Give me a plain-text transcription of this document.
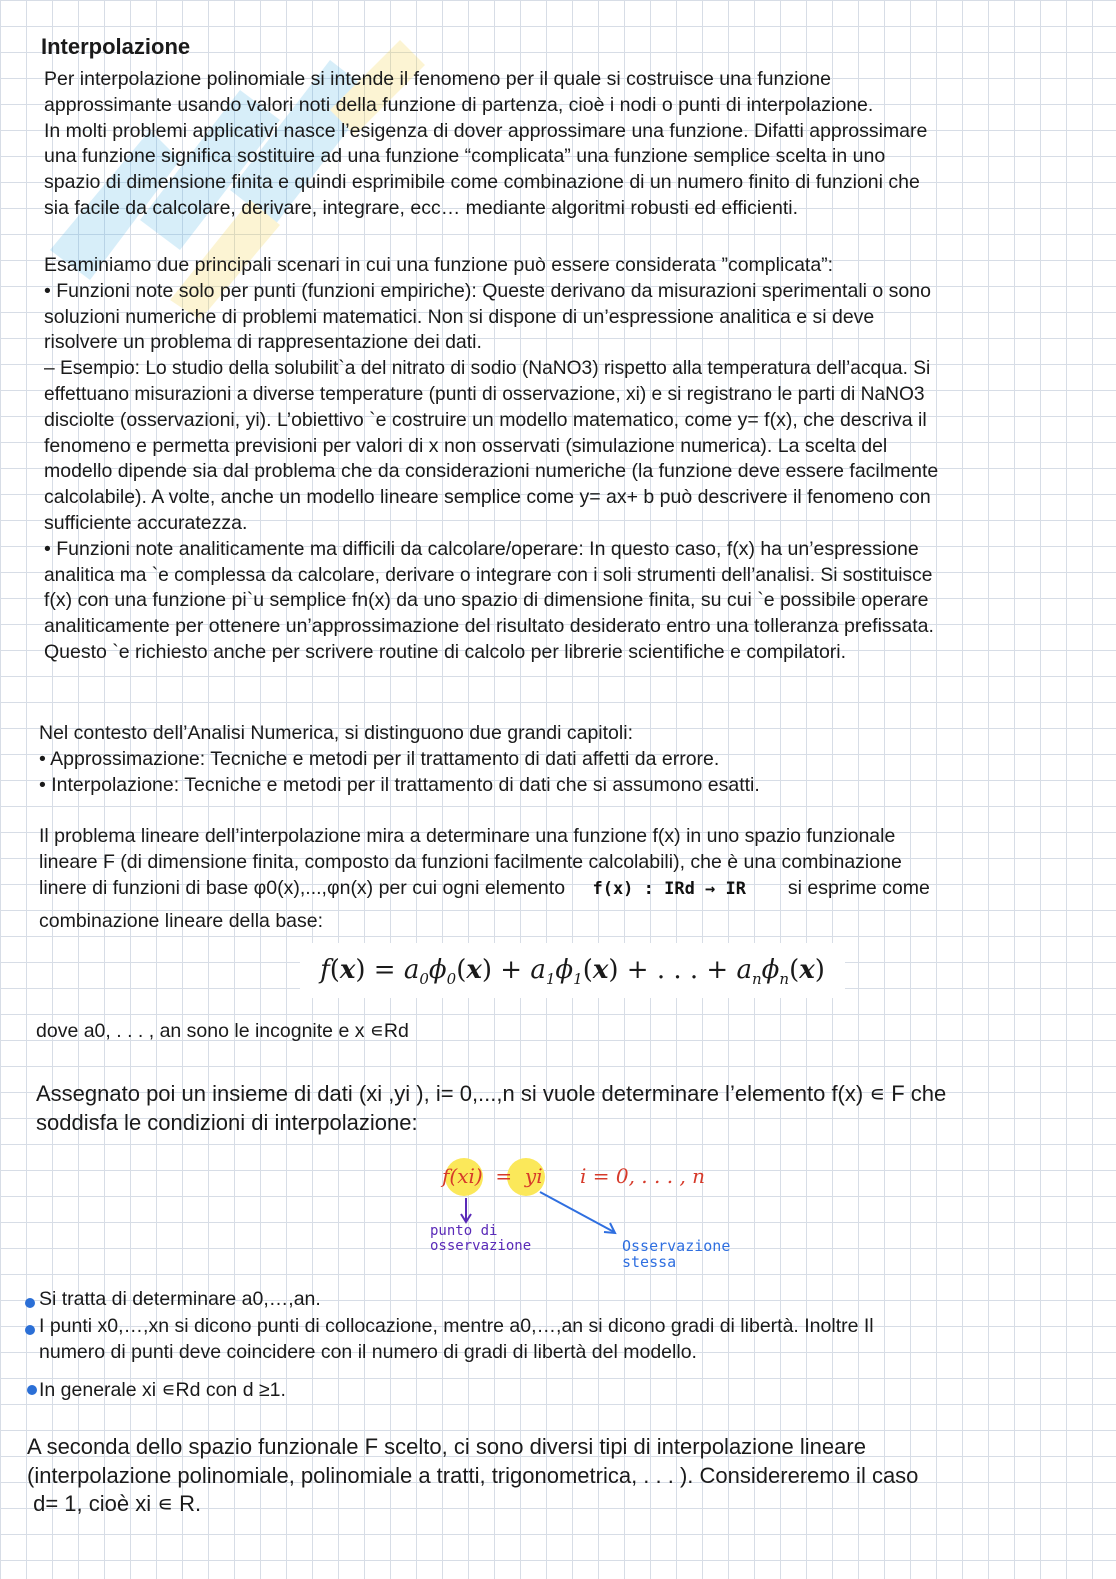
Interpolazione
Per interpolazione polinomiale si intende il fenomeno per il quale si costruisce una funzione
approssimante usando valori noti della funzione di partenza, cioè i nodi o punti di interpolazione.
In molti problemi applicativi nasce l’esigenza di dover approssimare una funzione. Difatti approssimare
una funzione significa sostituire ad una funzione “complicata” una funzione semplice scelta in uno
spazio di dimensione finita e quindi esprimibile come combinazione di un numero finito di funzioni che
sia facile da calcolare, derivare, integrare, ecc… mediante algoritmi robusti ed efficienti.
Esaminiamo due principali scenari in cui una funzione può essere considerata ”complicata”:
• Funzioni note solo per punti (funzioni empiriche): Queste derivano da misurazioni sperimentali o sono
soluzioni numeriche di problemi matematici. Non si dispone di un’espressione analitica e si deve
risolvere un problema di rappresentazione dei dati.
– Esempio: Lo studio della solubilit`a del nitrato di sodio (NaNO3) rispetto alla temperatura dell’acqua. Si
effettuano misurazioni a diverse temperature (punti di osservazione, xi) e si registrano le parti di NaNO3
disciolte (osservazioni, yi). L’obiettivo `e costruire un modello matematico, come y= f(x), che descriva il
fenomeno e permetta previsioni per valori di x non osservati (simulazione numerica). La scelta del
modello dipende sia dal problema che da considerazioni numeriche (la funzione deve essere facilmente
calcolabile). A volte, anche un modello lineare semplice come y= ax+ b può descrivere il fenomeno con
sufficiente accuratezza.
• Funzioni note analiticamente ma difficili da calcolare/operare: In questo caso, f(x) ha un’espressione
analitica ma `e complessa da calcolare, derivare o integrare con i soli strumenti dell’analisi. Si sostituisce
f(x) con una funzione pi`u semplice fn(x) da uno spazio di dimensione finita, su cui `e possibile operare
analiticamente per ottenere un’approssimazione del risultato desiderato entro una tolleranza prefissata.
Questo `e richiesto anche per scrivere routine di calcolo per librerie scientifiche e compilatori.
Nel contesto dell’Analisi Numerica, si distinguono due grandi capitoli:
• Approssimazione: Tecniche e metodi per il trattamento di dati affetti da errore.
• Interpolazione: Tecniche e metodi per il trattamento di dati che si assumono esatti.
Il problema lineare dell’interpolazione mira a determinare una funzione f(x) in uno spazio funzionale
lineare F (di dimensione finita, composto da funzioni facilmente calcolabili), che è una combinazione
linere di funzioni di base φ0(x),...,φn(x) per cui ogni elemento f(x) : IRd → IR si esprime come
combinazione lineare della base:
$f(x) = a_0\phi_0(x) + a_1\phi_1(x)$ + . . . + $a_n\phi_n(x)$
dove a0, . . . , an sono le incognite e x ∊Rd
Assegnato poi un insieme di dati (xi ,yi ), i= 0,...,n si vuole determinare l’elemento f(x) ∊ F che
soddisfa le condizioni di interpolazione:
f(xi)  =  yi i = 0, . . . , n
punto di osservazione	Osservazione stessa
Si tratta di determinare a0,…,an.
I punti x0,…,xn si dicono punti di collocazione, mentre a0,…,an si dicono gradi di libertà. Inoltre Il
numero di punti deve coincidere con il numero di gradi di libertà del modello.
In generale xi ∊Rd con d ≥1.
A seconda dello spazio funzionale F scelto, ci sono diversi tipi di interpolazione lineare
(interpolazione polinomiale, polinomiale a tratti, trigonometrica, . . . ). Considereremo il caso
d= 1, cioè xi ∊ R.
